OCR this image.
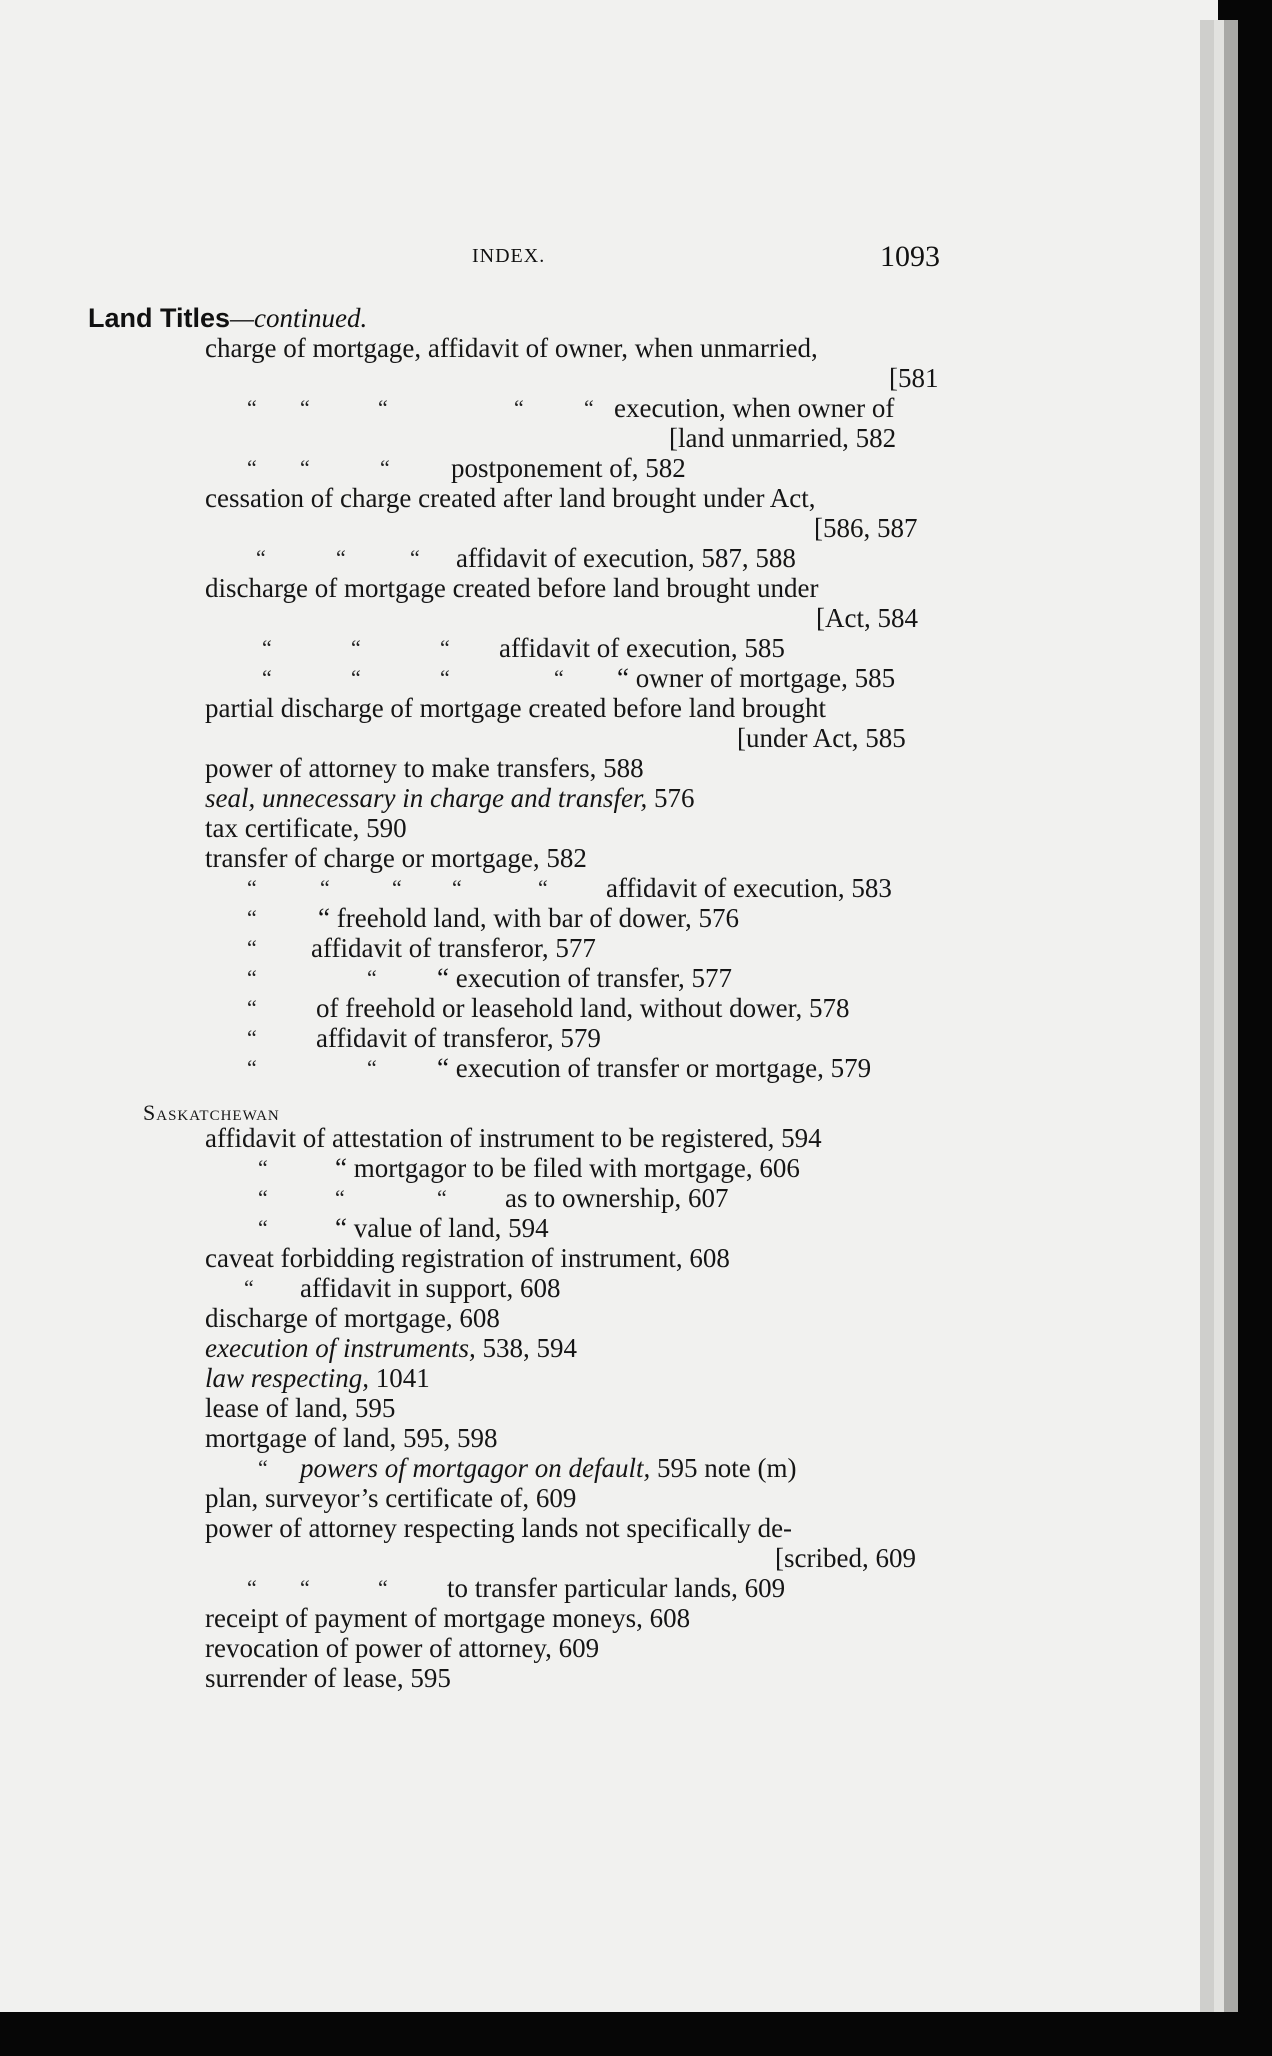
INDEX.	1093
Land Titles—continued.
charge of mortgage, affidavit of owner, when unmarried,
[581
“ “	“	“	“ execution, when owner of
[land unmarried, 582
“ “	“ postponement of, 582
cessation of charge created after land brought under Act,
[586, 587
“	“	“ affidavit of execution, 587, 588
discharge of mortgage created before land brought under
[Act, 584
“	“	“ affidavit of execution, 585
“	“	“	“ “ owner of mortgage, 585
partial discharge of mortgage created before land brought
[under Act, 585
power of attorney to make transfers, 588
seal, unnecessary in charge and transfer, 576
tax certificate, 590
transfer of charge or mortgage, 582
“	“	“ “	“ affidavit of execution, 583
“ “ freehold land, with bar of dower, 576
“ affidavit of transferor, 577
“	“ “ execution of transfer, 577
“ of freehold or leasehold land, without dower, 578
“ affidavit of transferor, 579
“	“ “ execution of transfer or mortgage, 579
Saskatchewan
affidavit of attestation of instrument to be registered, 594
“ “ mortgagor to be filed with mortgage, 606
“	“	“ as to ownership, 607
“ “ value of land, 594
caveat forbidding registration of instrument, 608
“ affidavit in support, 608
discharge of mortgage, 608
execution of instruments, 538, 594
law respecting, 1041
lease of land, 595
mortgage of land, 595, 598
“ powers of mortgagor on default, 595 note (m)
plan, surveyor’s certificate of, 609
power of attorney respecting lands not specifically de-
[scribed, 609
“ “	“ to transfer particular lands, 609
receipt of payment of mortgage moneys, 608
revocation of power of attorney, 609
surrender of lease, 595
